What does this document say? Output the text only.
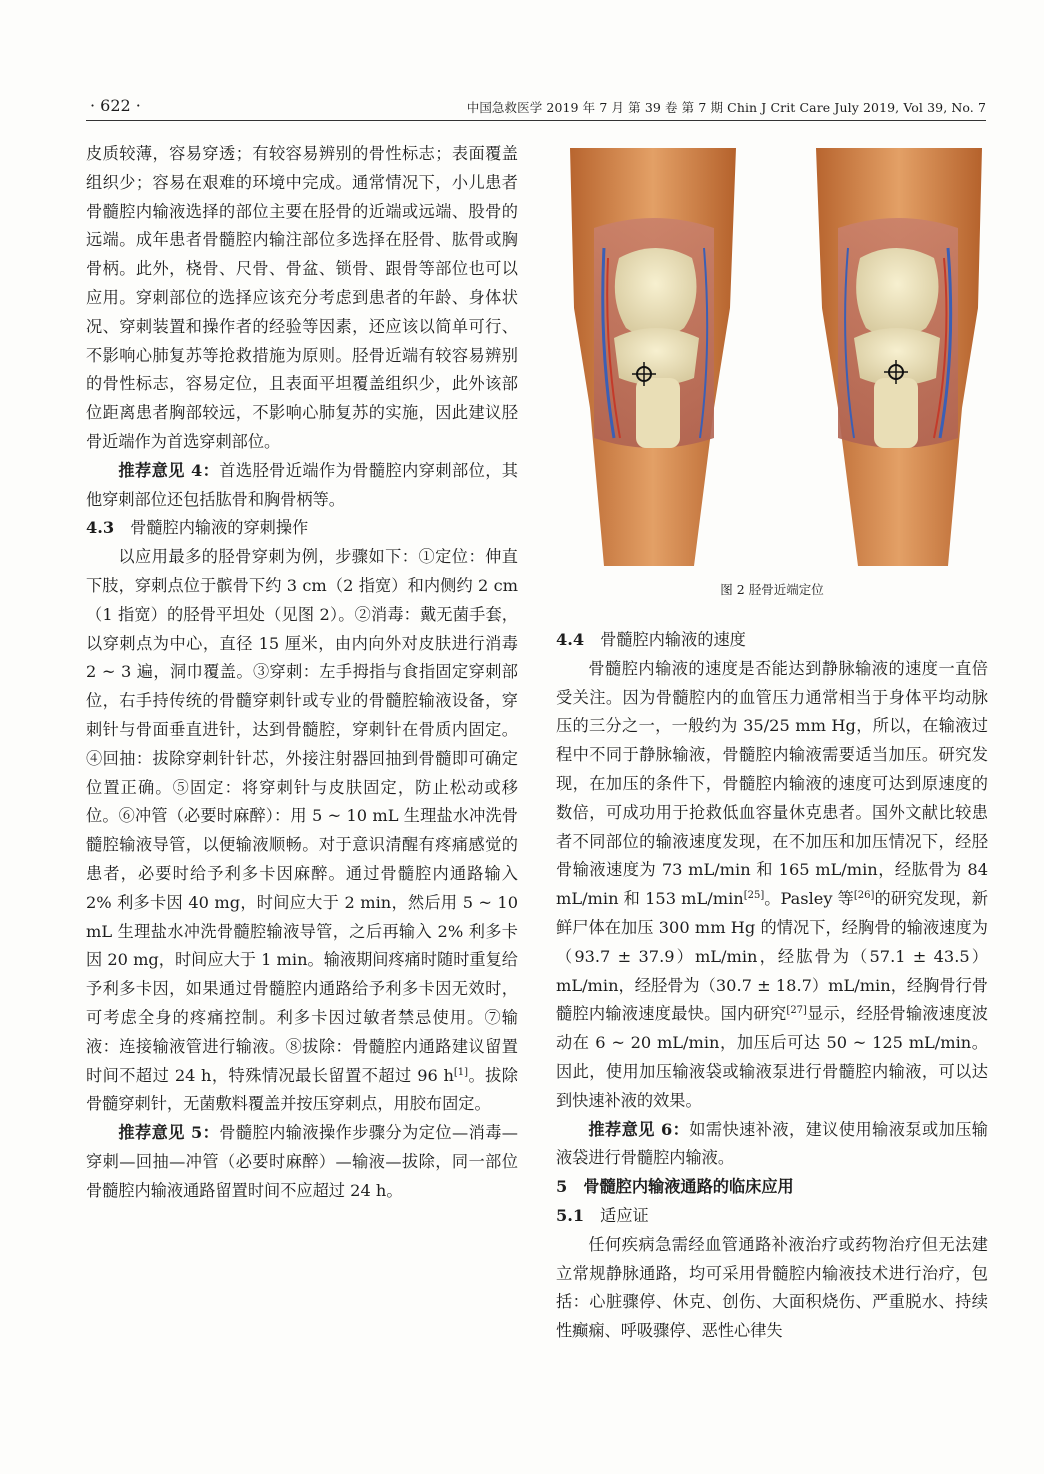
· 622 ·	中国急救医学 2019 年 7 月 第 39 卷 第 7 期 Chin J Crit Care July 2019, Vol 39, No. 7

皮质较薄，容易穿透；有较容易辨别的骨性标志；表面覆盖组织少；容易在艰难的环境中完成。通常情况下，小儿患者骨髓腔内输液选择的部位主要在胫骨的近端或远端、股骨的远端。成年患者骨髓腔内输注部位多选择在胫骨、肱骨或胸骨柄。此外，桡骨、尺骨、骨盆、锁骨、跟骨等部位也可以应用。穿刺部位的选择应该充分考虑到患者的年龄、身体状况、穿刺装置和操作者的经验等因素，还应该以简单可行、不影响心肺复苏等抢救措施为原则。胫骨近端有较容易辨别的骨性标志，容易定位，且表面平坦覆盖组织少，此外该部位距离患者胸部较远，不影响心肺复苏的实施，因此建议胫骨近端作为首选穿刺部位。

推荐意见 4：首选胫骨近端作为骨髓腔内穿刺部位，其他穿刺部位还包括肱骨和胸骨柄等。

4.3 骨髓腔内输液的穿刺操作

以应用最多的胫骨穿刺为例，步骤如下：①定位：伸直下肢，穿刺点位于髌骨下约 3 cm（2 指宽）和内侧约 2 cm（1 指宽）的胫骨平坦处（见图 2）。②消毒：戴无菌手套，以穿刺点为中心，直径 15 厘米，由内向外对皮肤进行消毒 2 ~ 3 遍，洞巾覆盖。③穿刺：左手拇指与食指固定穿刺部位，右手持传统的骨髓穿刺针或专业的骨髓腔输液设备，穿刺针与骨面垂直进针，达到骨髓腔，穿刺针在骨质内固定。④回抽：拔除穿刺针针芯，外接注射器回抽到骨髓即可确定位置正确。⑤固定：将穿刺针与皮肤固定，防止松动或移位。⑥冲管（必要时麻醉）：用 5 ~ 10 mL 生理盐水冲洗骨髓腔输液导管，以便输液顺畅。对于意识清醒有疼痛感觉的患者，必要时给予利多卡因麻醉。通过骨髓腔内通路输入 2% 利多卡因 40 mg，时间应大于 2 min，然后用 5 ~ 10 mL 生理盐水冲洗骨髓腔输液导管，之后再输入 2% 利多卡因 20 mg，时间应大于 1 min。输液期间疼痛时随时重复给予利多卡因，如果通过骨髓腔内通路给予利多卡因无效时，可考虑全身的疼痛控制。利多卡因过敏者禁忌使用。⑦输液：连接输液管进行输液。⑧拔除：骨髓腔内通路建议留置时间不超过 24 h，特殊情况最长留置不超过 96 h[1]。拔除骨髓穿刺针，无菌敷料覆盖并按压穿刺点，用胶布固定。

推荐意见 5：骨髓腔内输液操作步骤分为定位—消毒—穿刺—回抽—冲管（必要时麻醉）—输液—拔除，同一部位骨髓腔内输液通路留置时间不应超过 24 h。

图 2 胫骨近端定位
4.4 骨髓腔内输液的速度

骨髓腔内输液的速度是否能达到静脉输液的速度一直倍受关注。因为骨髓腔内的血管压力通常相当于身体平均动脉压的三分之一，一般约为 35/25 mm Hg，所以，在输液过程中不同于静脉输液，骨髓腔内输液需要适当加压。研究发现，在加压的条件下，骨髓腔内输液的速度可达到原速度的数倍，可成功用于抢救低血容量休克患者。国外文献比较患者不同部位的输液速度发现，在不加压和加压情况下，经胫骨输液速度为 73 mL/min 和 165 mL/min，经肱骨为 84 mL/min 和 153 mL/min[25]。Pasley 等[26]的研究发现，新鲜尸体在加压 300 mm Hg 的情况下，经胸骨的输液速度为（93.7 ± 37.9）mL/min，经肱骨为（57.1 ± 43.5）mL/min，经胫骨为（30.7 ± 18.7）mL/min，经胸骨行骨髓腔内输液速度最快。国内研究[27]显示，经胫骨输液速度波动在 6 ~ 20 mL/min，加压后可达 50 ~ 125 mL/min。因此，使用加压输液袋或输液泵进行骨髓腔内输液，可以达到快速补液的效果。

推荐意见 6：如需快速补液，建议使用输液泵或加压输液袋进行骨髓腔内输液。

5 骨髓腔内输液通路的临床应用
5.1 适应证

任何疾病急需经血管通路补液治疗或药物治疗但无法建立常规静脉通路，均可采用骨髓腔内输液技术进行治疗，包括：心脏骤停、休克、创伤、大面积烧伤、严重脱水、持续性癫痫、呼吸骤停、恶性心律失
